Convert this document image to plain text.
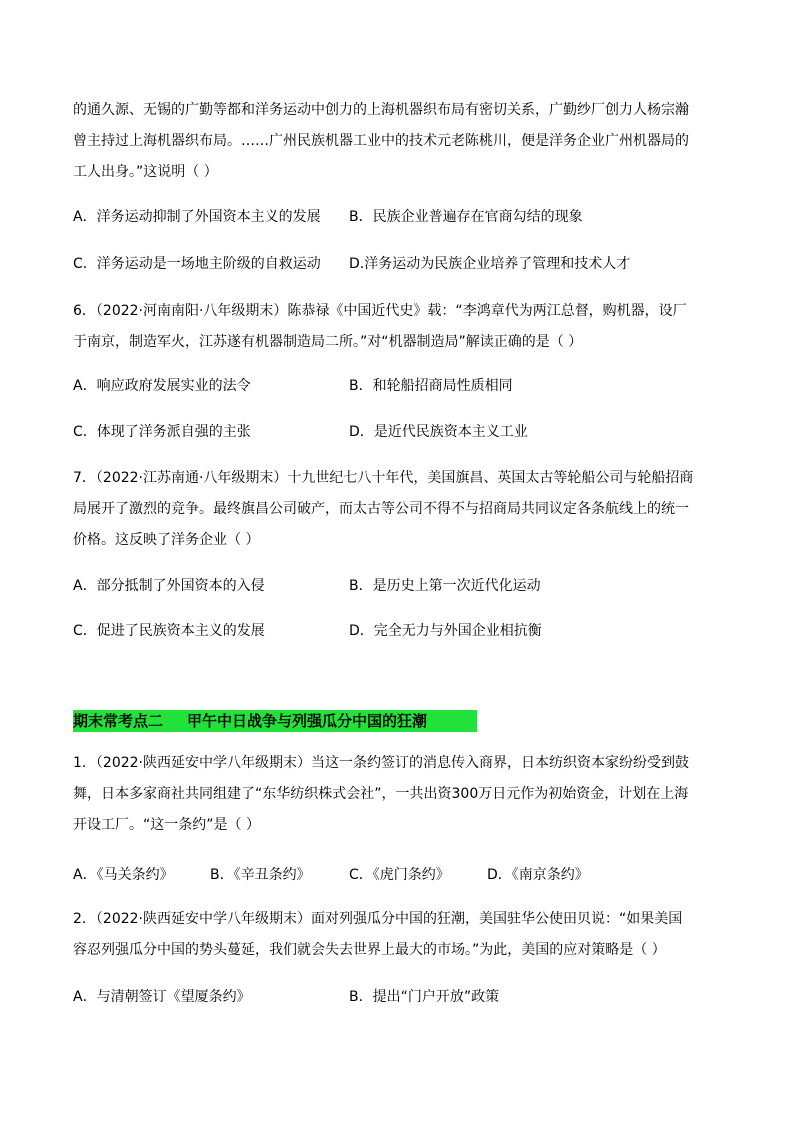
的通久源、无锡的广勤等都和洋务运动中创力的上海机器织布局有密切关系，广勤纱厂创力人杨宗瀚
曾主持过上海机器织布局。……广州民族机器工业中的技术元老陈桃川，便是洋务企业广州机器局的
工人出身。”这说明（ ）
A．洋务运动抑制了外国资本主义的发展 B．民族企业普遍存在官商勾结的现象
C．洋务运动是一场地主阶级的自救运动 D.洋务运动为民族企业培养了管理和技术人才
6．（2022·河南南阳·八年级期末）陈恭禄《中国近代史》载：“李鸿章代为两江总督，购机器，设厂
于南京，制造军火，江苏遂有机器制造局二所。”对“机器制造局”解读正确的是（ ）
A．响应政府发展实业的法令	B．和轮船招商局性质相同
C．体现了洋务派自强的主张	D．是近代民族资本主义工业
7．（2022·江苏南通·八年级期末）十九世纪七八十年代，美国旗昌、英国太古等轮船公司与轮船招商
局展开了激烈的竞争。最终旗昌公司破产，而太古等公司不得不与招商局共同议定各条航线上的统一
价格。这反映了洋务企业（ ）
A．部分抵制了外国资本的入侵	B．是历史上第一次近代化运动
C．促进了民族资本主义的发展	D．完全无力与外国企业相抗衡
期末常考点二 甲午中日战争与列强瓜分中国的狂潮
1．（2022·陕西延安中学八年级期末）当这一条约签订的消息传入商界，日本纺织资本家纷纷受到鼓
舞，日本多家商社共同组建了“东华纺织株式会社”，一共出资300万日元作为初始资金，计划在上海
开设工厂。“这一条约”是（ ）
A．《马关条约》	B．《辛丑条约》	C．《虎门条约》	D．《南京条约》
2．（2022·陕西延安中学八年级期末）面对列强瓜分中国的狂潮，美国驻华公使田贝说：“如果美国
容忍列强瓜分中国的势头蔓延，我们就会失去世界上最大的市场。”为此，美国的应对策略是（ ）
A．与清朝签订《望厦条约》	B．提出“门户开放”政策
